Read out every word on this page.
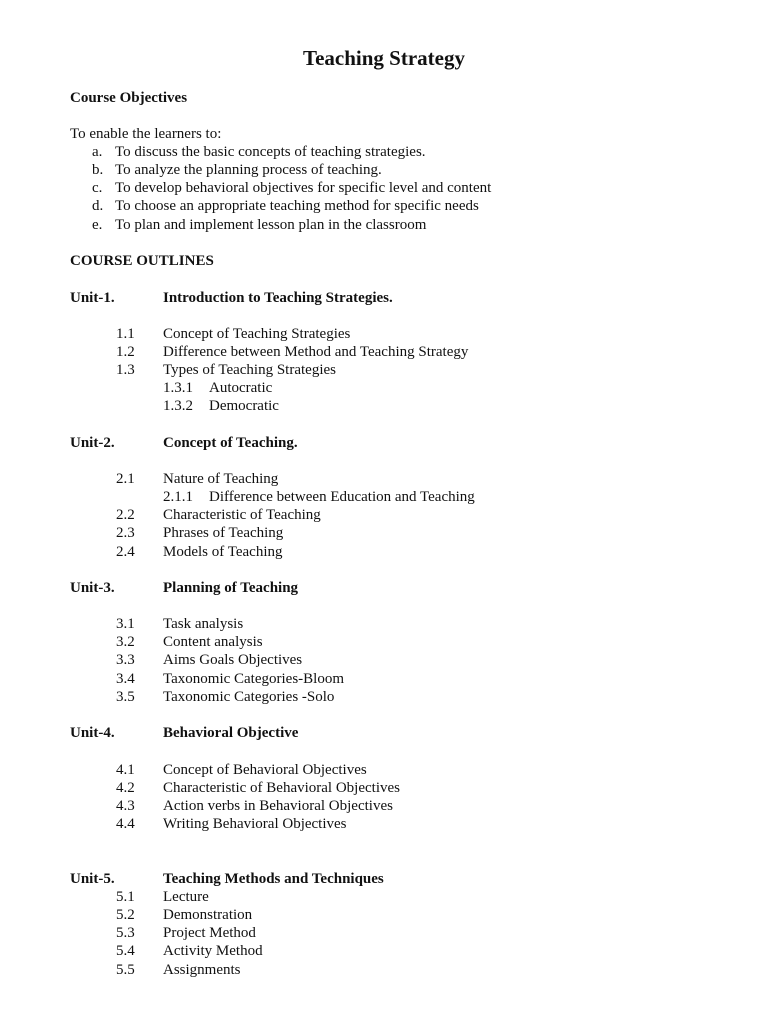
Teaching Strategy
Course Objectives
To enable the learners to:
a. To discuss the basic concepts of teaching strategies.
b. To analyze the planning process of teaching.
c. To develop behavioral objectives for specific level and content
d. To choose an appropriate teaching method for specific needs
e. To plan and implement lesson plan in the classroom
COURSE OUTLINES
Unit-1.	Introduction to Teaching Strategies.
1.1 Concept of Teaching Strategies
1.2 Difference between Method and Teaching Strategy
1.3 Types of Teaching Strategies
1.3.1 Autocratic
1.3.2 Democratic
Unit-2.	Concept of Teaching.
2.1 Nature of Teaching
2.1.1 Difference between Education and Teaching
2.2 Characteristic of Teaching
2.3 Phrases of Teaching
2.4 Models of Teaching
Unit-3.	Planning of Teaching
3.1 Task analysis
3.2 Content analysis
3.3 Aims Goals Objectives
3.4 Taxonomic Categories-Bloom
3.5 Taxonomic Categories -Solo
Unit-4.	Behavioral Objective
4.1 Concept of Behavioral Objectives
4.2 Characteristic of Behavioral Objectives
4.3 Action verbs in Behavioral Objectives
4.4 Writing Behavioral Objectives
Unit-5.	Teaching Methods and Techniques
5.1 Lecture
5.2 Demonstration
5.3 Project Method
5.4 Activity Method
5.5 Assignments
